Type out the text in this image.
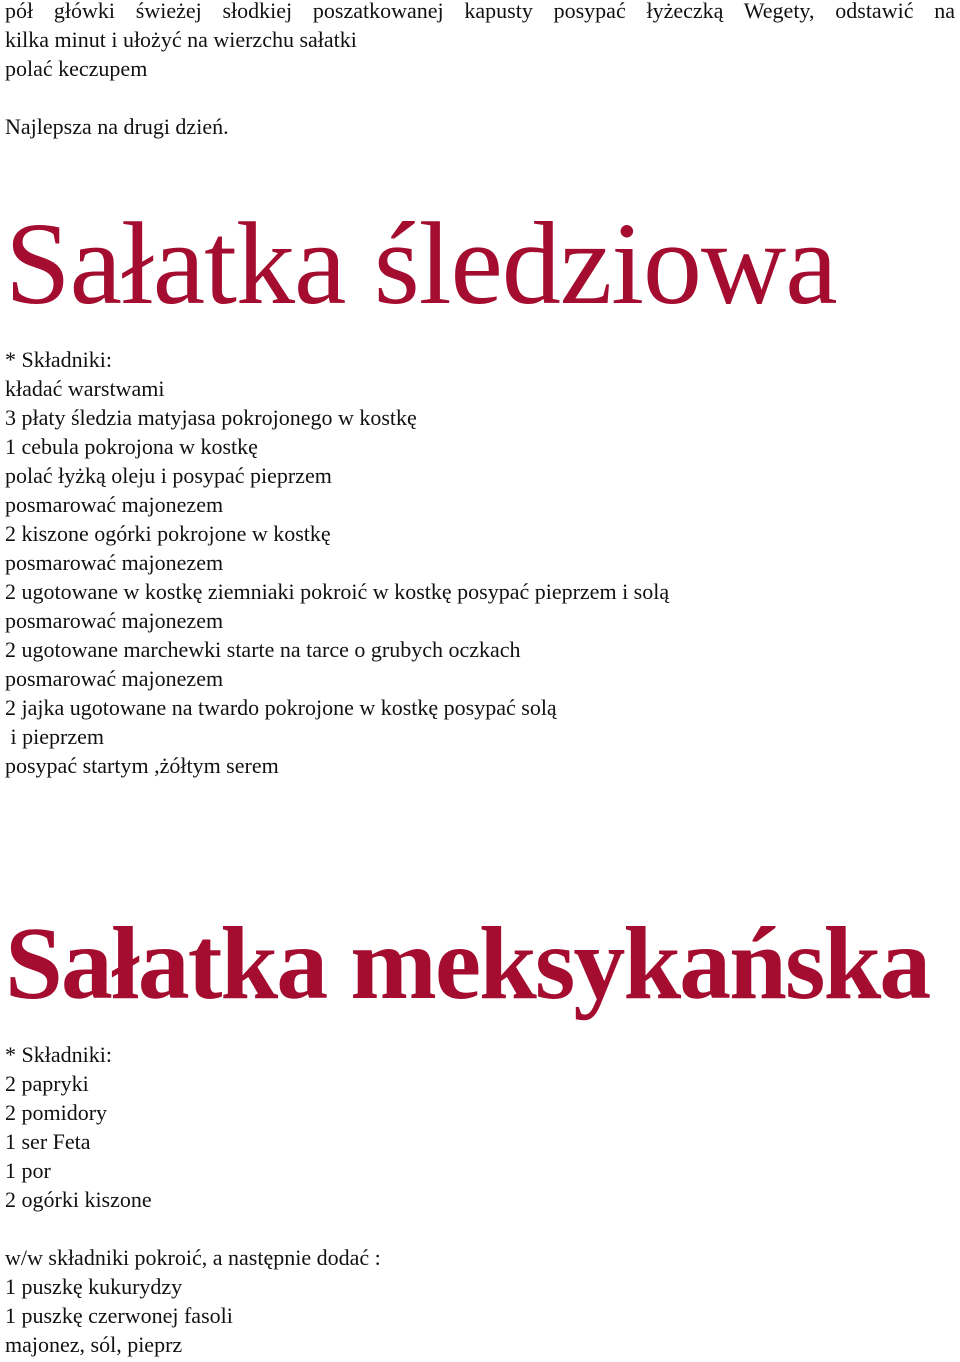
pół główki świeżej słodkiej poszatkowanej kapusty posypać łyżeczką Wegety, odstawić na
kilka minut i ułożyć na wierzchu sałatki
polać keczupem
Najlepsza na drugi dzień.
Sałatka śledziowa
* Składniki:
kładać warstwami
3 płaty śledzia matyjasa pokrojonego w kostkę
1 cebula pokrojona w kostkę
polać łyżką oleju i posypać pieprzem
posmarować majonezem
2 kiszone ogórki pokrojone w kostkę
posmarować majonezem
2 ugotowane w kostkę ziemniaki pokroić w kostkę posypać pieprzem i solą
posmarować majonezem
2 ugotowane marchewki starte na tarce o grubych oczkach
posmarować majonezem
2 jajka ugotowane na twardo pokrojone w kostkę posypać solą
i pieprzem
posypać startym ,żółtym serem
Sałatka meksykańska
* Składniki:
2 papryki
2 pomidory
1 ser Feta
1 por
2 ogórki kiszone
w/w składniki pokroić, a następnie dodać :
1 puszkę kukurydzy
1 puszkę czerwonej fasoli
majonez, sól, pieprz
